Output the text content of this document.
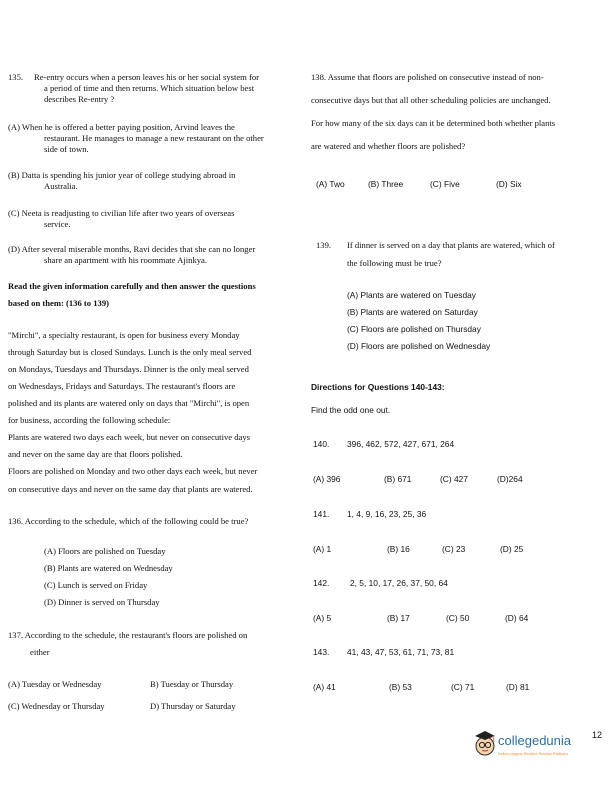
135. Re-entry occurs when a person leaves his or her social system for
a period of time and then returns. Which situation below best
describes Re-entry ?
(A) When he is offered a better paying position, Arvind leaves the
restaurant. He manages to manage a new restaurant on the other
side of town.
(B) Datta is spending his junior year of college studying abroad in
Australia.
(C) Neeta is readjusting to civilian life after two years of overseas
service.
(D) After several miserable months, Ravi decides that she can no longer
share an apartment with his roommate Ajinkya.
Read the given information carefully and then answer the questions
based on them: (136 to 139)
"Mirchi", a specialty restaurant, is open for business every Monday
through Saturday but is closed Sundays. Lunch is the only meal served
on Mondays, Tuesdays and Thursdays. Dinner is the only meal served
on Wednesdays, Fridays and Saturdays. The restaurant's floors are
polished and its plants are watered only on days that "Mirchi", is open
for business, according the following schedule:
Plants are watered two days each week, but never on consecutive days
and never on the same day are that floors polished.
Floors are polished on Monday and two other days each week, but never
on consecutive days and never on the same day that plants are watered.
136. According to the schedule, which of the following could be true?
(A) Floors are polished on Tuesday
(B) Plants are watered on Wednesday
(C) Lunch is served on Friday
(D) Dinner is served on Thursday
137. According to the schedule, the restaurant's floors are polished on
either
(A) Tuesday or Wednesday	B) Tuesday or Thursday
(C) Wednesday or Thursday	D) Thursday or Saturday
138. Assume that floors are polished on consecutive instead of non-
consecutive days but that all other scheduling policies are unchanged.
For how many of the six days can it be determined both whether plants
are watered and whether floors are polished?
(A) Two	(B) Three	(C) Five	(D) Six
139. If dinner is served on a day that plants are watered, which of
the following must be true?
(A) Plants are watered on Tuesday
(B) Plants are watered on Saturday
(C) Floors are polished on Thursday
(D) Floors are polished on Wednesday
Directions for Questions 140-143:
Find the odd one out.
140. 396, 462, 572, 427, 671, 264
(A) 396	(B) 671	(C) 427	(D)264
141. 1, 4, 9, 16, 23, 25, 36
(A) 1	(B) 16	(C) 23	(D) 25
142. 2, 5, 10, 17, 26, 37, 50, 64
(A) 5	(B) 17	(C) 50	(D) 64
143. 41, 43, 47, 53, 61, 71, 73, 81
(A) 41	(B) 53	(C) 71	(D) 81
collegedunia
India's largest Student Review Platform
12
